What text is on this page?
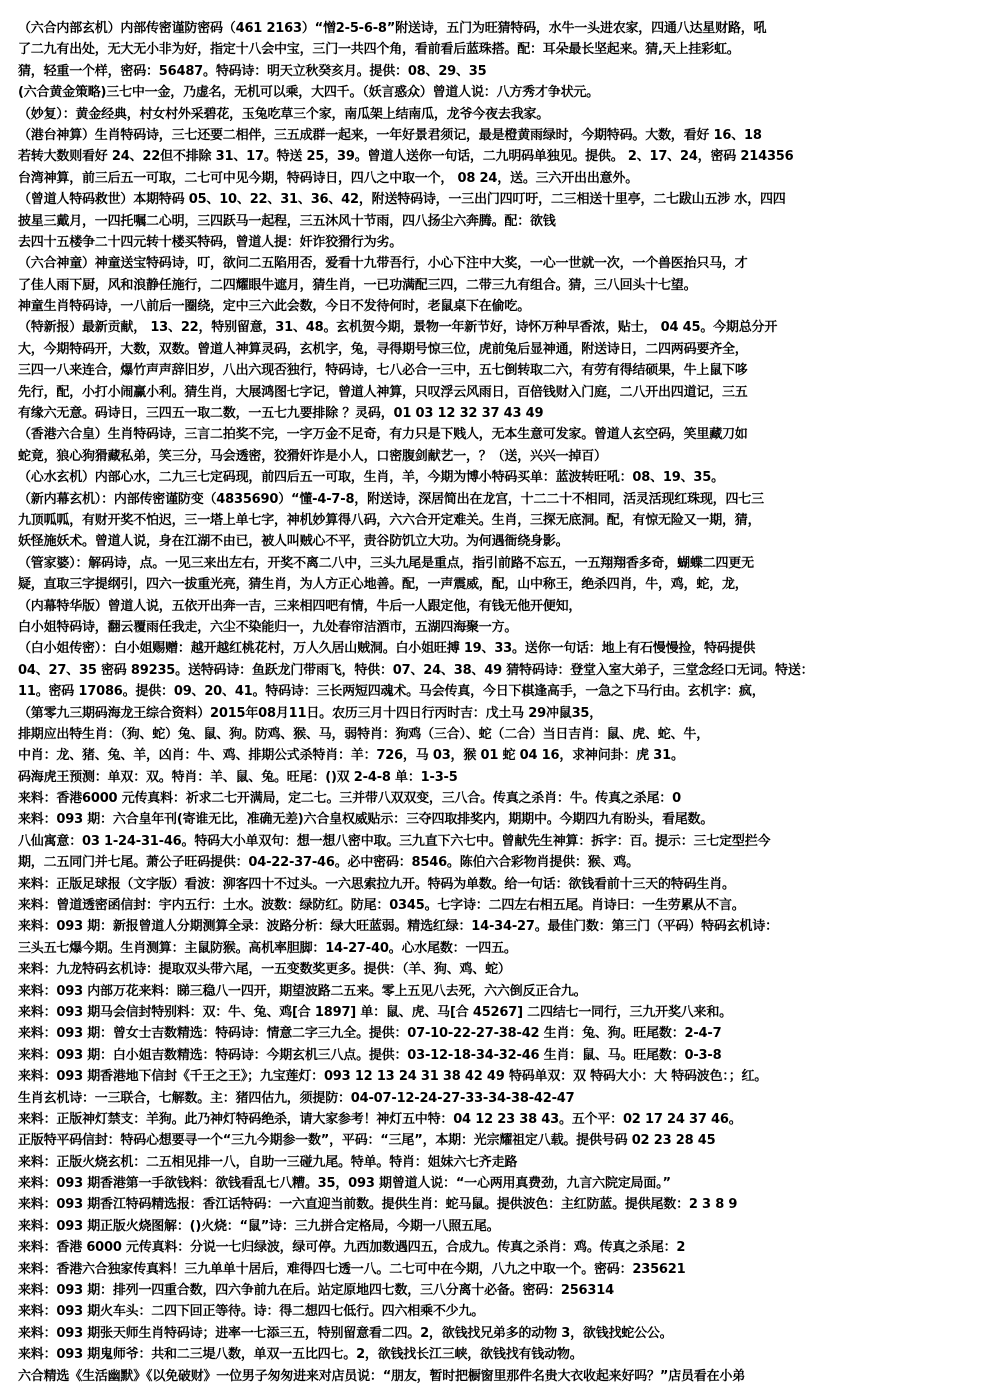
（六合内部玄机）内部传密谨防密码（461 2163）“憎2-5-6-8”附送诗，五门为旺猜特码，水牛一头进农家，四通八达星财路，吼
了二九有出处，无大无小非为好，指定十八会中宝，三门一共四个角，看前看后蓝珠搭。配：耳朵最长坚起来。猜,天上挂彩虹。
猜，轻重一个样，密码：56487。特码诗：明天立秋癸亥月。提供：08、29、35
(六合黄金策略)三七中一金，乃虚名，无机可以乘，大四千。（妖言惑众）曾道人说：八方秀才争状元。
（妙复）：黄金经典，村女村外采碧花，玉兔吃草三个家，南瓜架上结南瓜，龙爷今夜去我家。
（港台神算）生肖特码诗，三七还要二相伴，三五成群一起来，一年好景君须记，最是橙黄雨绿时，今期特码。大数，看好 16、18
若转大数则看好 24、22但不排除 31、17。特送 25，39。曾道人送你一句话，二九明码单独见。提供。 2、17、24，密码 214356
台湾神算，前三后五一可取，二七可中见今期，特码诗日，四八之中取一个， 08 24，送。三六开出出意外。
（曾道人特码救世）本期特码 05、10、22、31、36、42，附送特码诗，一三出门四叮吁，二三相送十里亭，二七跋山五涉 水，四四
披星三戴月，一四托嘱二心明，三四跃马一起程，三五沐风十节雨，四八扬尘六奔腾。配：欲钱
去四十五楼争二十四元转十楼买特码，曾道人提：奸诈狡猾行为劣。
（六合神童）神童送宝特码诗，叮，欲问二五陷用否，爱看十九带吾行，小心下注中大奖，一心一世就一次，一个兽医抬只马，才
了佳人雨下厨，风和浪静任施行，二四耀眼牛遮月，猜生肖，一已功满配三四，二带三九有组合。猜，三八回头十七望。
神童生肖特码诗，一八前后一圈绕，定中三六此会数，今日不发待何时，老鼠桌下在偷吃。
（特新报）最新贡献， 13、22，特别留意，31、48。玄机贺今期，景物一年新节好，诗怀万种早香浓，贴士， 04 45。今期总分开
大，今期特码开，大数，双数。曾道人神算灵码，玄机字，兔，寻得期号惊三位，虎前兔后显神通，附送诗日，二四两码要齐全，
三四一八来连合，爆竹声声辞旧岁，八出六现否独行，特码诗，七八必合一三中，五七倒转取二六，有劳有得结硕果，牛上鼠下哆
先行，配，小打小闹赢小利。猜生肖，大展鸿图七字记，曾道人神算，只叹浮云风雨日，百倍钱财入门庭，二八开出四道记，三五
有缘六无意。码诗日，三四五一取二数，一五七九要排除 ？灵码，01 03 12 32 37 43 49
（香港六合皇）生肖特码诗，三言二拍奖不完，一字万金不足奇，有力只是下贱人，无本生意可发家。曾道人玄空码，笑里藏刀如
蛇竟，狼心狗猾藏私弟，笑三分，马会透密，狡猾奸诈是小人，口密腹剑献艺一，？（送，兴兴一掉百）
（心水玄机）内部心水，二九三七定码现，前四后五一可取，生肖，羊，今期为博小特码买单：蓝波转旺吼：08、19、35。
（新内幕玄机）：内部传密谨防变（4835690）“懂-4-7-8，附送诗，深居简出在龙宫，十二二十不相同，活灵活现红珠现，四七三
九顶呱呱，有财开奖不怕迟，三一塔上单七字，神机妙算得八码，六六合开定难关。生肖，三探无底洞。配，有惊无险又一期，猜，
妖怪施妖术。曾道人说，身在江湖不由已，被人叫贼心不平，责谷防饥立大功。为何遇衙绕身影。
（管家婆）：解码诗，点。一见三来出左右，开奖不离二八中，三头九尾是重点，指引前路不忘五，一五翔翔香多奇，蝴蝶二四更无
疑，直取三字提纲引，四六一拔重光亮，猜生肖，为人方正心地善。配，一声震威，配，山中称王，绝杀四肖，牛，鸡，蛇，龙，
（内幕特华版）曾道人说，五依开出奔一吉，三来相四吧有情，牛后一人跟定他，有钱无他开便知，
白小姐特码诗，翻云覆雨任我走，六尘不染能归一，九处春帘洁酒市，五湖四海聚一方。
（白小姐传密）：白小姐赐赠：越开越红桃花村，万人久居山贼洞。白小姐旺搏 19、33。送你一句话：地上有石慢慢捡，特码提供
04、27、35 密码 89235。送特码诗：鱼跃龙门带雨飞，特供：07、24、38、49 猜特码诗：登堂入室大弟子，三堂念经口无词。特送：
11。密码 17086。提供：09、20、41。特码诗：三长两短四魂术。马会传真，今日下棋逢高手，一急之下马行由。玄机字：疯，
（第零九三期码海龙王综合资料）2015年08月11日。农历三月十四日行丙时吉：戊土马 29冲鼠35，
排期应出特生肖：（狗、蛇）兔、鼠、狗。防鸡、猴、马，弱特肖：狗鸡（三合）、蛇（二合）当日吉肖：鼠、虎、蛇、牛，
中肖：龙、猪、兔、羊，凶肖：牛、鸡、排期公式杀特肖：羊：726，马 03，猴 01 蛇 04 16，求神问卦：虎 31。
码海虎王预测：单双：双。特肖：羊、鼠、兔。旺尾：()双 2-4-8 单：1-3-5
来料：香港6000 元传真料：祈求二七开满局，定二七。三并带八双双变，三八合。传真之杀肖：牛。传真之杀尾：0
来料：093 期：六合皇年刊(寄谁无比，准确无差)六合皇权威贴示：三夺四取排奖内，期期中。今期四九有盼头，看尾数。
八仙寓意：03 1-24-31-46。特码大小单双句：想一想八密中取。三九直下六七中。曾献先生神算：拆字：百。提示：三七定型拦今
期，二五同门并七尾。萧公子旺码提供：04-22-37-46。必中密码：8546。陈伯六合彩物肖提供：猴、鸡。
来料：正版足球报（文字版）看波：泖客四十不过头。一六思索拉九开。特码为单数。给一句话：欲钱看前十三天的特码生肖。
来料：曾道透密函信封：宇内五行：土水。波数：绿防红。防尾：0345。七字诗：二四左右相五尾。肖诗曰：一生劳累从不言。
来料：093 期：新报曾道人分期测算全录：波路分析：绿大旺蓝弱。精选红绿：14-34-27。最佳门数：第三门（平码）特码玄机诗：
三头五七爆今期。生肖测算：主鼠防猴。高机率胆脚：14-27-40。心水尾数：一四五。
来料：九龙特码玄机诗：提取双头带六尾，一五变数奖更多。提供：（羊、狗、鸡、蛇）
来料：093 内部万花来料：睇三稳八一四开，期望波路二五来。零上五见八去死，六六倒反正合九。
来料：093 期马会信封特别料：双：牛、兔、鸡[合 1897] 单：鼠、虎、马[合 45267] 二四结七一同行，三九开奖八来和。
来料：093 期：曾女士吉数精选：特码诗：情意二字三九全。提供：07-10-22-27-38-42 生肖：兔、狗。旺尾数：2-4-7
来料：093 期：白小姐吉数精选：特码诗：今期玄机三八点。提供：03-12-18-34-32-46 生肖：鼠、马。旺尾数：0-3-8
来料：093 期香港地下信封《千王之王》；九宝莲灯：093 12 13 24 31 38 42 49 特码单双：双 特码大小：大 特码波色：；红。
生肖玄机诗：一三联合，七解数。主：猪四估九，须提防：04-07-12-24-27-33-34-38-42-47
来料：正版神灯禁支：羊狗。此乃神灯特码绝杀，请大家参考！神灯五中特：04 12 23 38 43。五个平：02 17 24 37 46。
正版特平码信封：特码心想要寻一个“三九今期参一数”，平码：“三尾”，本期：光宗耀祖定八载。提供号码 02 23 28 45
来料：正版火烧玄机：二五相见排一八，自助一三碰九尾。特单。特肖：姐妹六七齐走路
来料：093 期香港第一手欲钱料：欲钱看乱七八糟。35，093 期曾道人说：“一心两用真费劲，九言六院定局面。”
来料：093 期香江特码精选报：香江话特码：一六直迎当前数。提供生肖：蛇马鼠。提供波色：主红防蓝。提供尾数：2 3 8 9
来料：093 期正版火烧图解：()火烧：“鼠”诗：三九拼合定格局，今期一八照五尾。
来料：香港 6000 元传真料：分说一七归绿波，绿可停。九西加数遇四五，合成九。传真之杀肖：鸡。传真之杀尾：2
来料：香港六合独家传真料！三九单单十居后，难得四七透一八。二七可中在今期，八九之中取一个。密码：235621
来料：093 期：排列一四重合数，四六争前九在后。站定原地四七数，三八分离十必备。密码：256314
来料：093 期火车头：二四下回正等待。诗：得二想四七低行。四六相乘不少九。
来料：093 期张天师生肖特码诗；进率一七添三五，特别留意看二四。2，欲钱找兄弟多的动物 3，欲钱找蛇公公。
来料：093 期鬼师爷：共和二三堤八数，单双一五比四七。2，欲钱找长江三峡，欲钱找有钱动物。
六合精选《生活幽默》《以免破财》一位男子匆匆进来对店员说：“朋友，暂时把橱窗里那件名贵大衣收起来好吗？”店员看在小弟
